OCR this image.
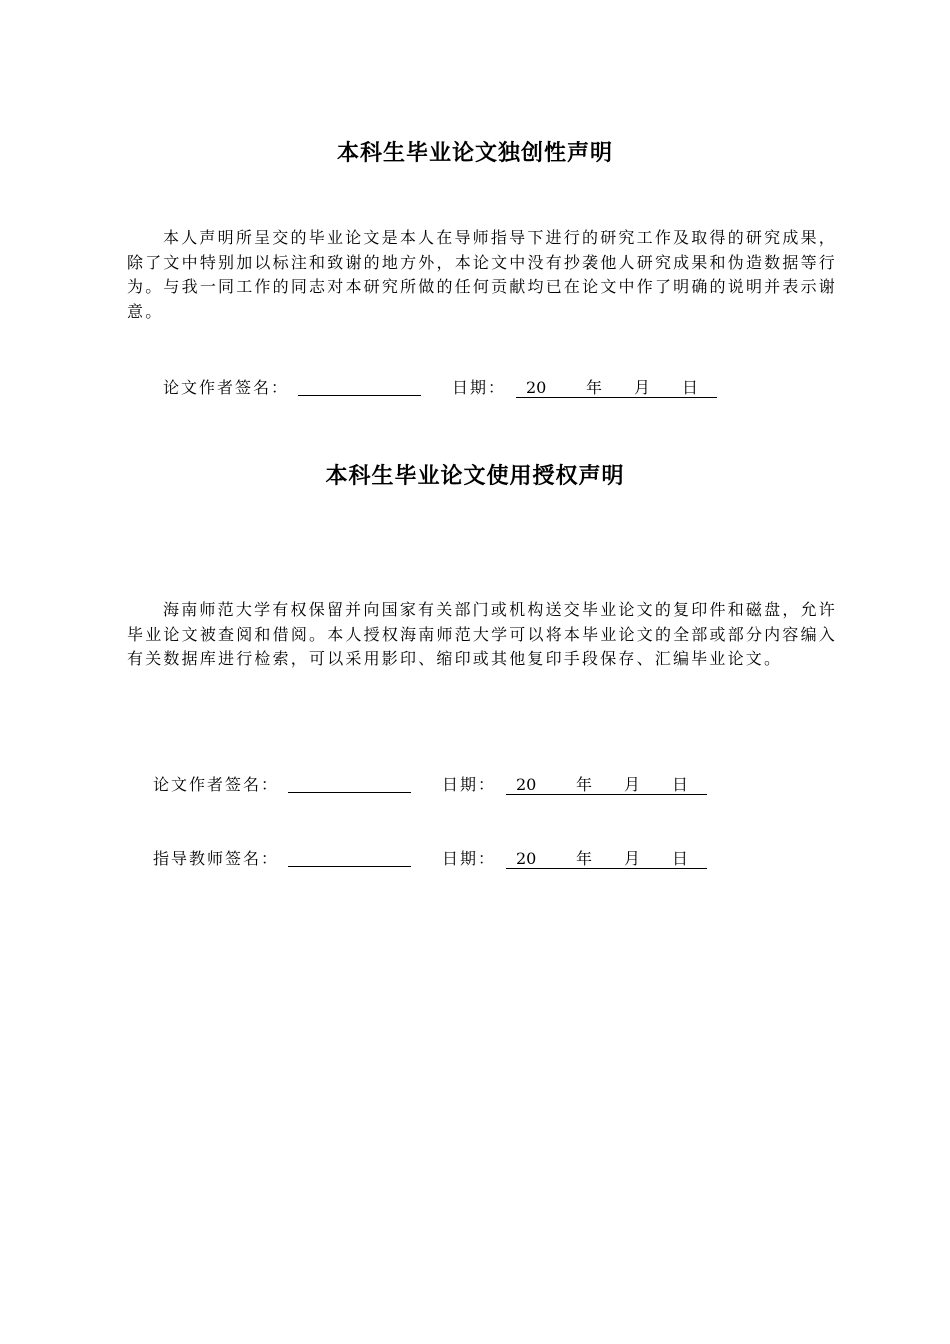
本科生毕业论文独创性声明

本人声明所呈交的毕业论文是本人在导师指导下进行的研究工作及取得的研究成果，除了文中特别加以标注和致谢的地方外，本论文中没有抄袭他人研究成果和伪造数据等行为。与我一同工作的同志对本研究所做的任何贡献均已在论文中作了明确的说明并表示谢意。

论文作者签名：	日期： 20 年 月 日
本科生毕业论文使用授权声明

海南师范大学有权保留并向国家有关部门或机构送交毕业论文的复印件和磁盘，允许毕业论文被查阅和借阅。本人授权海南师范大学可以将本毕业论文的全部或部分内容编入有关数据库进行检索，可以采用影印、缩印或其他复印手段保存、汇编毕业论文。

论文作者签名：	日期： 20 年 月 日
指导教师签名：	日期： 20 年 月 日
